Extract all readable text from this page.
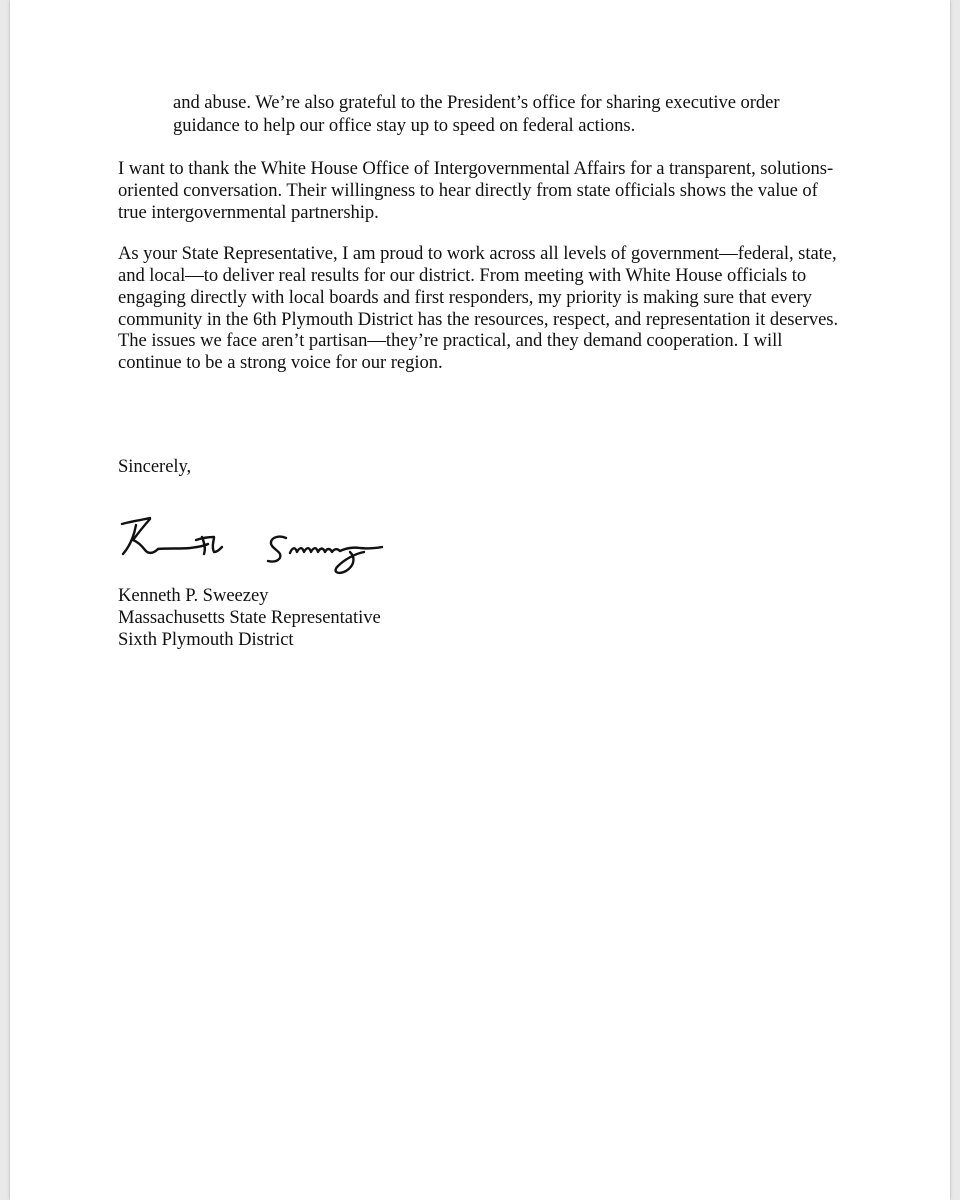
and abuse. We’re also grateful to the President’s office for sharing executive order
guidance to help our office stay up to speed on federal actions.
I want to thank the White House Office of Intergovernmental Affairs for a transparent, solutions-
oriented conversation. Their willingness to hear directly from state officials shows the value of
true intergovernmental partnership.
As your State Representative, I am proud to work across all levels of government—federal, state,
and local—to deliver real results for our district. From meeting with White House officials to
engaging directly with local boards and first responders, my priority is making sure that every
community in the 6th Plymouth District has the resources, respect, and representation it deserves.
The issues we face aren’t partisan—they’re practical, and they demand cooperation. I will
continue to be a strong voice for our region.
Sincerely,
Kenneth P. Sweezey
Massachusetts State Representative
Sixth Plymouth District
